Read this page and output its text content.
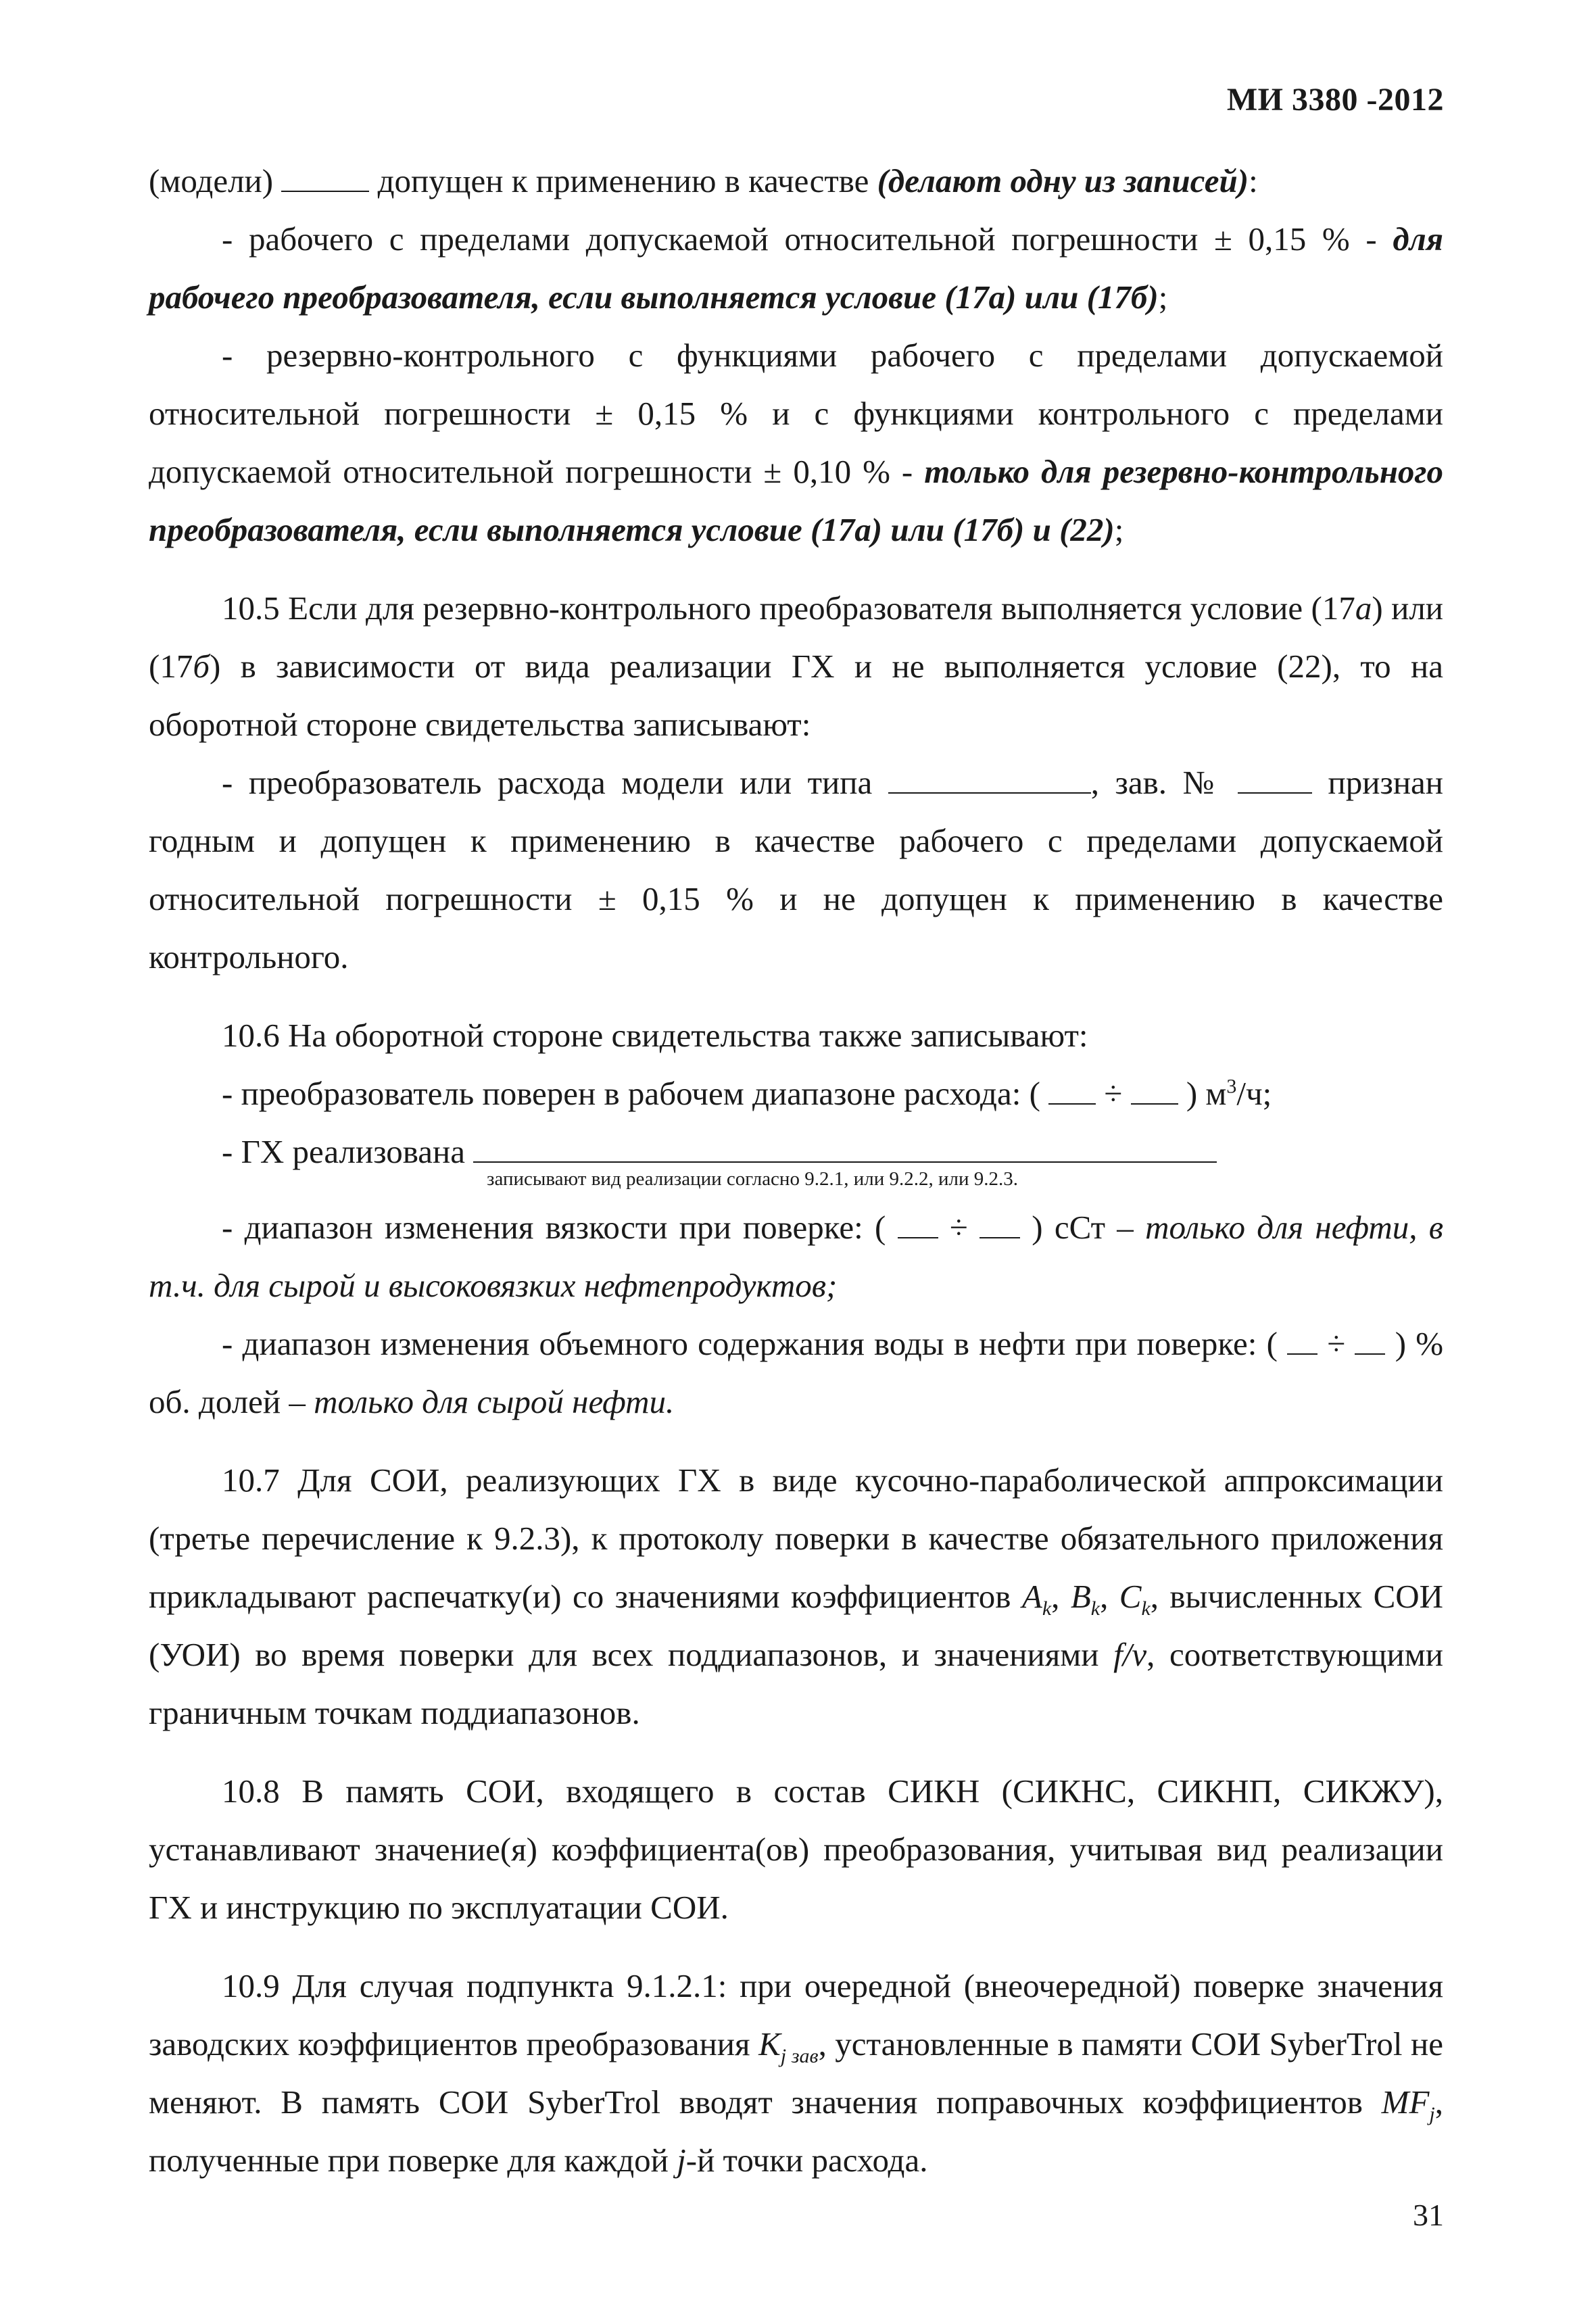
МИ 3380 -2012

(модели)	допущен к применению в качестве (делают одну из записей):

- рабочего с пределами допускаемой относительной погрешности ± 0,15 % - для рабочего преобразователя, если выполняется условие (17а) или (17б);

- резервно-контрольного с функциями рабочего с пределами допускаемой относительной погрешности ± 0,15 % и с функциями контрольного с пределами допускаемой относительной погрешности ± 0,10 % - только для резервно-контрольного преобразователя, если выполняется условие (17а) или (17б) и (22);

10.5 Если для резервно-контрольного преобразователя выполняется условие (17а) или (17б) в зависимости от вида реализации ГХ и не выполняется условие (22), то на оборотной стороне свидетельства записывают:

- преобразователь расхода модели или типа	, зав. №	признан годным и допущен к применению в качестве рабочего с пределами допускаемой относительной погрешности ± 0,15 % и не допущен к применению в качестве контрольного.

10.6 На оборотной стороне свидетельства также записывают:

- преобразователь поверен в рабочем диапазоне расхода: ( ÷ ) $м^3/ч$;

- ГХ реализована

записывают вид реализации согласно 9.2.1, или 9.2.2, или 9.2.3.

- диапазон изменения вязкости при поверке: ( ÷ ) сСт – только для нефти, в т.ч. для сырой и высоковязких нефтепродуктов;

- диапазон изменения объемного содержания воды в нефти при поверке: ( ÷ ) % об. долей – только для сырой нефти.

10.7 Для СОИ, реализующих ГХ в виде кусочно-параболической аппроксимации (третье перечисление к 9.2.3), к протоколу поверки в качестве обязательного приложения прикладывают распечатку(и) со значениями коэффициентов $A_k$, $B_k$, $C_k$, вычисленных СОИ (УОИ) во время поверки для всех поддиапазонов, и значениями f/v, соответствующими граничным точкам поддиапазонов.

10.8 В память СОИ, входящего в состав СИКН (СИКНС, СИКНП, СИКЖУ), устанавливают значение(я) коэффициента(ов) преобразования, учитывая вид реализации ГХ и инструкцию по эксплуатации СОИ.

10.9 Для случая подпункта 9.1.2.1: при очередной (внеочередной) поверке значения заводских коэффициентов преобразования $K_{j зав}$, установленные в памяти СОИ SyberTrol не меняют. В память СОИ SyberTrol вводят значения поправочных коэффициентов $MF_j$, полученные при поверке для каждой j-й точки расхода.

31
